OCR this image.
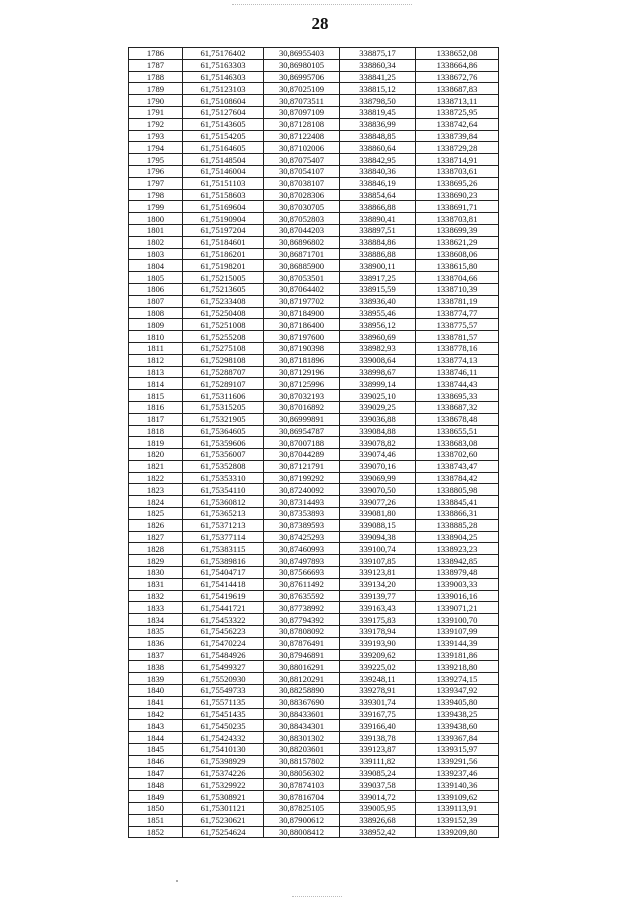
28
1786	61,75176402	30,86955403	338875,17	1338652,08
1787	61,75163303	30,86980105	338860,34	1338664,86
1788	61,75146303	30,86995706	338841,25	1338672,76
1789	61,75123103	30,87025109	338815,12	1338687,83
1790	61,75108604	30,87073511	338798,50	1338713,11
1791	61,75127604	30,87097109	338819,45	1338725,95
1792	61,75143605	30,87128108	338836,99	1338742,64
1793	61,75154205	30,87122408	338848,85	1338739,84
1794	61,75164605	30,87102006	338860,64	1338729,28
1795	61,75148504	30,87075407	338842,95	1338714,91
1796	61,75146004	30,87054107	338840,36	1338703,61
1797	61,75151103	30,87038107	338846,19	1338695,26
1798	61,75158603	30,87028306	338854,64	1338690,23
1799	61,75169604	30,87030705	338866,88	1338691,71
1800	61,75190904	30,87052803	338890,41	1338703,81
1801	61,75197204	30,87044203	338897,51	1338699,39
1802	61,75184601	30,86896802	338884,86	1338621,29
1803	61,75186201	30,86871701	338886,88	1338608,06
1804	61,75198201	30,86885900	338900,11	1338615,80
1805	61,75215005	30,87053501	338917,25	1338704,66
1806	61,75213605	30,87064402	338915,59	1338710,39
1807	61,75233408	30,87197702	338936,40	1338781,19
1808	61,75250408	30,87184900	338955,46	1338774,77
1809	61,75251008	30,87186400	338956,12	1338775,57
1810	61,75255208	30,87197600	338960,69	1338781,57
1811	61,75275108	30,87190398	338982,93	1338778,16
1812	61,75298108	30,87181896	339008,64	1338774,13
1813	61,75288707	30,87129196	338998,67	1338746,11
1814	61,75289107	30,87125996	338999,14	1338744,43
1815	61,75311606	30,87032193	339025,10	1338695,33
1816	61,75315205	30,87016892	339029,25	1338687,32
1817	61,75321905	30,86999891	339036,88	1338678,48
1818	61,75364605	30,86954787	339084,88	1338655,51
1819	61,75359606	30,87007188	339078,82	1338683,08
1820	61,75356007	30,87044289	339074,46	1338702,60
1821	61,75352808	30,87121791	339070,16	1338743,47
1822	61,75353310	30,87199292	339069,99	1338784,42
1823	61,75354110	30,87240092	339070,50	1338805,98
1824	61,75360812	30,87314493	339077,26	1338845,41
1825	61,75365213	30,87353893	339081,80	1338866,31
1826	61,75371213	30,87389593	339088,15	1338885,28
1827	61,75377114	30,87425293	339094,38	1338904,25
1828	61,75383115	30,87460993	339100,74	1338923,23
1829	61,75389816	30,87497893	339107,85	1338942,85
1830	61,75404717	30,87566693	339123,81	1338979,48
1831	61,75414418	30,87611492	339134,20	1339003,33
1832	61,75419619	30,87635592	339139,77	1339016,16
1833	61,75441721	30,87738992	339163,43	1339071,21
1834	61,75453322	30,87794392	339175,83	1339100,70
1835	61,75456223	30,87808092	339178,94	1339107,99
1836	61,75470224	30,87876491	339193,90	1339144,39
1837	61,75484926	30,87946891	339209,62	1339181,86
1838	61,75499327	30,88016291	339225,02	1339218,80
1839	61,75520930	30,88120291	339248,11	1339274,15
1840	61,75549733	30,88258890	339278,91	1339347,92
1841	61,75571135	30,88367690	339301,74	1339405,80
1842	61,75451435	30,88433601	339167,75	1339438,25
1843	61,75450235	30,88434301	339166,40	1339438,60
1844	61,75424332	30,88301302	339138,78	1339367,84
1845	61,75410130	30,88203601	339123,87	1339315,97
1846	61,75398929	30,88157802	339111,82	1339291,56
1847	61,75374226	30,88056302	339085,24	1339237,46
1848	61,75329922	30,87874103	339037,58	1339140,36
1849	61,75308921	30,87816704	339014,72	1339109,62
1850	61,75301121	30,87825105	339005,95	1339113,91
1851	61,75230621	30,87900612	338926,68	1339152,39
1852	61,75254624	30,88008412	338952,42	1339209,80
